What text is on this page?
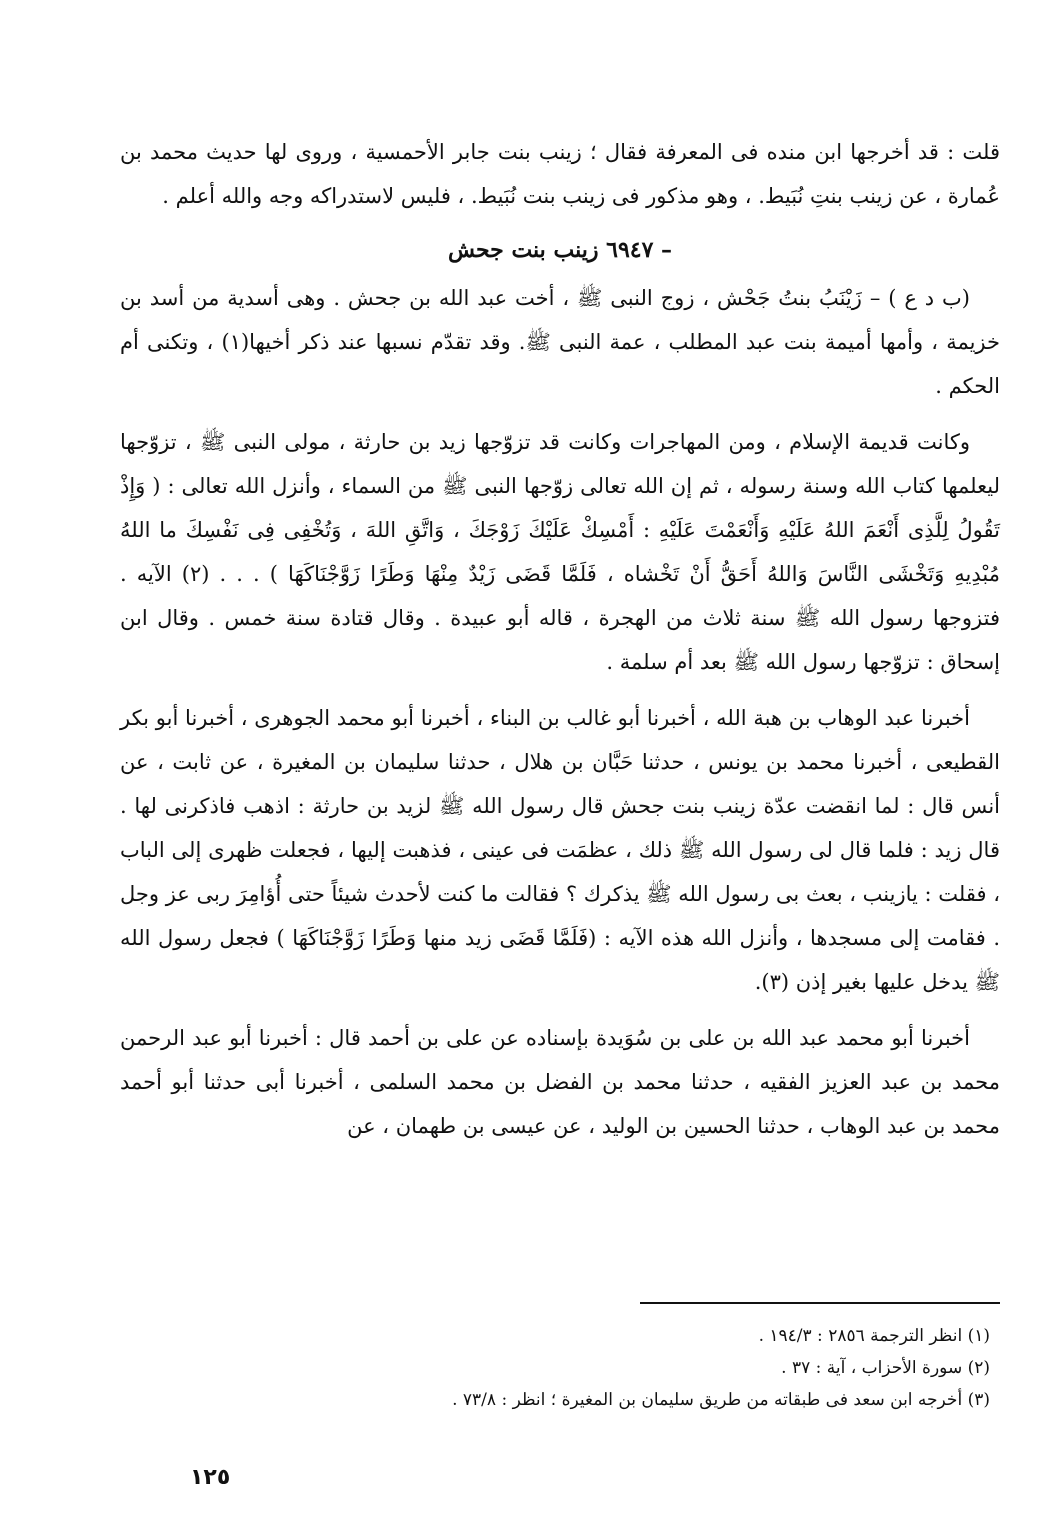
قلت : قد أخرجها ابن منده فى المعرفة فقال ؛ زينب بنت جابر الأحمسية ، وروى لها حديث محمد بن عُمارة ، عن زينب بنتِ نُبَيط. ، وهو مذكور فى زينب بنت نُبَيط. ، فليس لاستدراكه وجه والله أعلم .

– ٦٩٤٧ زينب بنت جحش

(ب د ع ) – زَيْنَبُ بنتُ جَحْش ، زوج النبى ﷺ ، أخت عبد الله بن جحش . وهى أسدية من أسد بن خزيمة ، وأمها أميمة بنت عبد المطلب ، عمة النبى ﷺ. وقد تقدّم نسبها عند ذكر أخيها(١) ، وتكنى أم الحكم .

وكانت قديمة الإسلام ، ومن المهاجرات وكانت قد تزوّجها زيد بن حارثة ، مولى النبى ﷺ ، تزوّجها ليعلمها كتاب الله وسنة رسوله ، ثم إن الله تعالى زوّجها النبى ﷺ من السماء ، وأنزل الله تعالى : ( وَإِذْ تَقُولُ لِلَّذِى أَنْعَمَ اللهُ عَلَيْهِ وَأَنْعَمْتَ عَلَيْهِ : أَمْسِكْ عَلَيْكَ زَوْجَكَ ، وَاتَّقِ اللهَ ، وَتُخْفِى فِى نَفْسِكَ ما اللهُ مُبْدِيهِ وَتَخْشَى النَّاسَ وَاللهُ أَحَقُّ أَنْ تَخْشاه ، فَلَمَّا قَضَى زَيْدٌ مِنْهَا وَطَرًا زَوَّجْنَاكَهَا ) . . . (٢) الآيه . فتزوجها رسول الله ﷺ سنة ثلاث من الهجرة ، قاله أبو عبيدة . وقال قتادة سنة خمس . وقال ابن إسحاق : تزوّجها رسول الله ﷺ بعد أم سلمة .

أخبرنا عبد الوهاب بن هبة الله ، أخبرنا أبو غالب بن البناء ، أخبرنا أبو محمد الجوهرى ، أخبرنا أبو بكر القطيعى ، أخبرنا محمد بن يونس ، حدثنا حَبَّان بن هلال ، حدثنا سليمان بن المغيرة ، عن ثابت ، عن أنس قال : لما انقضت عدّة زينب بنت جحش قال رسول الله ﷺ لزيد بن حارثة : اذهب فاذكرنى لها . قال زيد : فلما قال لى رسول الله ﷺ ذلك ، عظمَت فى عينى ، فذهبت إليها ، فجعلت ظهرى إلى الباب ، فقلت : يازينب ، بعث بى رسول الله ﷺ يذكرك ؟ فقالت ما كنت لأحدث شيئاً حتى أُؤامِرَ ربى عز وجل . فقامت إلى مسجدها ، وأنزل الله هذه الآيه : (فَلَمَّا قَضَى زيد منها وَطَرًا زَوَّجْنَاكَهَا ) فجعل رسول الله ﷺ يدخل عليها بغير إذن (٣).

أخبرنا أبو محمد عبد الله بن على بن سُوَيدة بإسناده عن على بن أحمد قال : أخبرنا أبو عبد الرحمن محمد بن عبد العزيز الفقيه ، حدثنا محمد بن الفضل بن محمد السلمى ، أخبرنا أبى حدثنا أبو أحمد محمد بن عبد الوهاب ، حدثنا الحسين بن الوليد ، عن عيسى بن طهمان ، عن

(١) انظر الترجمة ٢٨٥٦ : ١٩٤/٣ .

(٢) سورة الأحزاب ، آية : ٣٧ .

(٣) أخرجه ابن سعد فى طبقاته من طريق سليمان بن المغيرة ؛ انظر : ٧٣/٨ .

١٢٥
